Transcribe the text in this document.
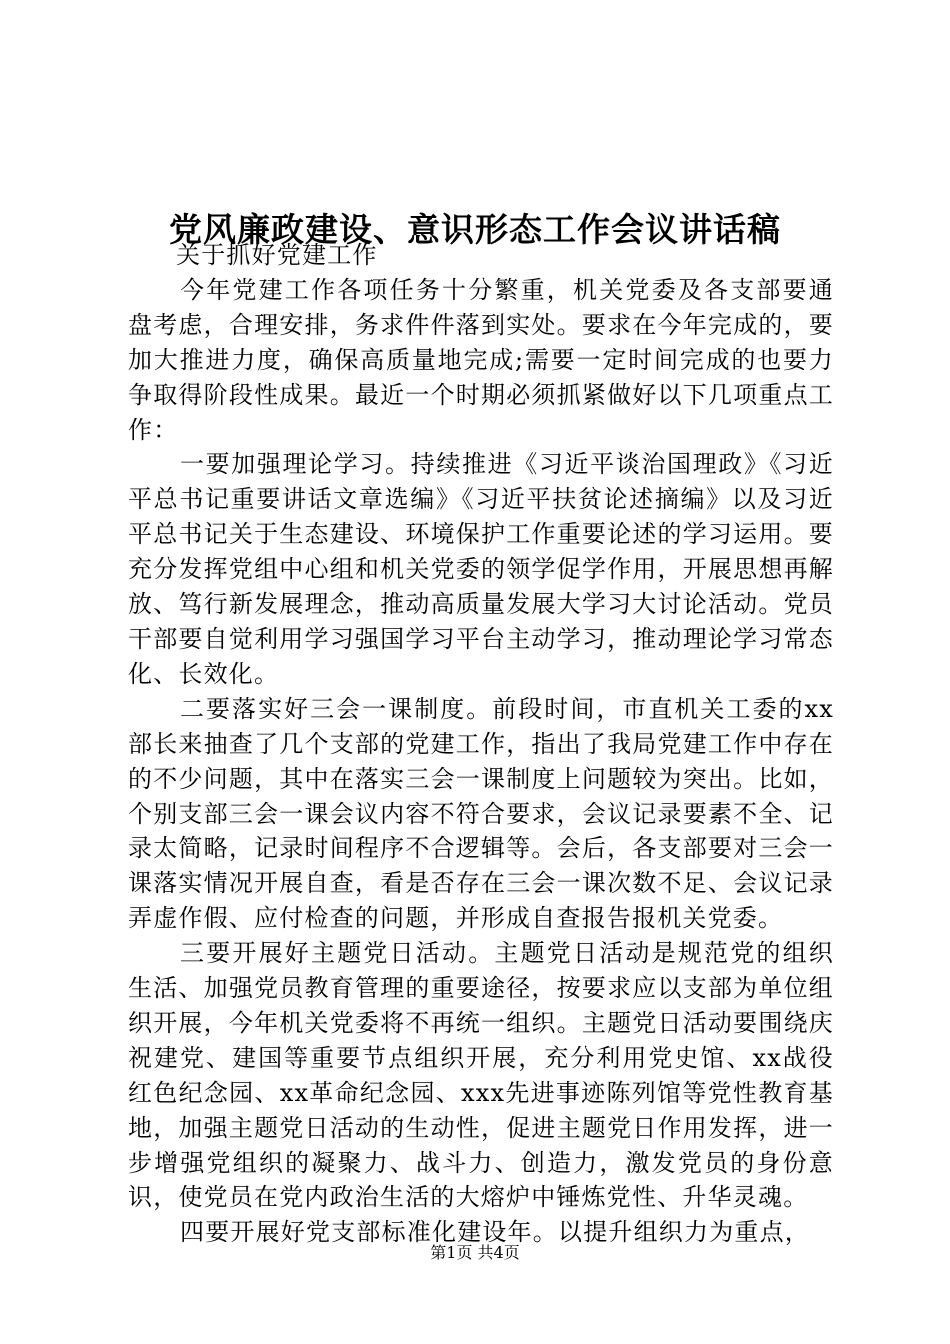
党风廉政建设、意识形态工作会议讲话稿

关于抓好党建工作

今年党建工作各项任务十分繁重，机关党委及各支部要通盘考虑，合理安排，务求件件落到实处。要求在今年完成的，要加大推进力度，确保高质量地完成;需要一定时间完成的也要力争取得阶段性成果。最近一个时期必须抓紧做好以下几项重点工作：

一要加强理论学习。持续推进《习近平谈治国理政》《习近平总书记重要讲话文章选编》《习近平扶贫论述摘编》以及习近平总书记关于生态建设、环境保护工作重要论述的学习运用。要充分发挥党组中心组和机关党委的领学促学作用，开展思想再解放、笃行新发展理念，推动高质量发展大学习大讨论活动。党员干部要自觉利用学习强国学习平台主动学习，推动理论学习常态化、长效化。

二要落实好三会一课制度。前段时间，市直机关工委的xx部长来抽查了几个支部的党建工作，指出了我局党建工作中存在的不少问题，其中在落实三会一课制度上问题较为突出。比如，个别支部三会一课会议内容不符合要求，会议记录要素不全、记录太简略，记录时间程序不合逻辑等。会后，各支部要对三会一课落实情况开展自查，看是否存在三会一课次数不足、会议记录弄虚作假、应付检查的问题，并形成自查报告报机关党委。

三要开展好主题党日活动。主题党日活动是规范党的组织生活、加强党员教育管理的重要途径，按要求应以支部为单位组织开展，今年机关党委将不再统一组织。主题党日活动要围绕庆祝建党、建国等重要节点组织开展，充分利用党史馆、xx战役红色纪念园、xx革命纪念园、xxx先进事迹陈列馆等党性教育基地，加强主题党日活动的生动性，促进主题党日作用发挥，进一步增强党组织的凝聚力、战斗力、创造力，激发党员的身份意识，使党员在党内政治生活的大熔炉中锤炼党性、升华灵魂。

四要开展好党支部标准化建设年。以提升组织力为重点，

第1页 共4页
